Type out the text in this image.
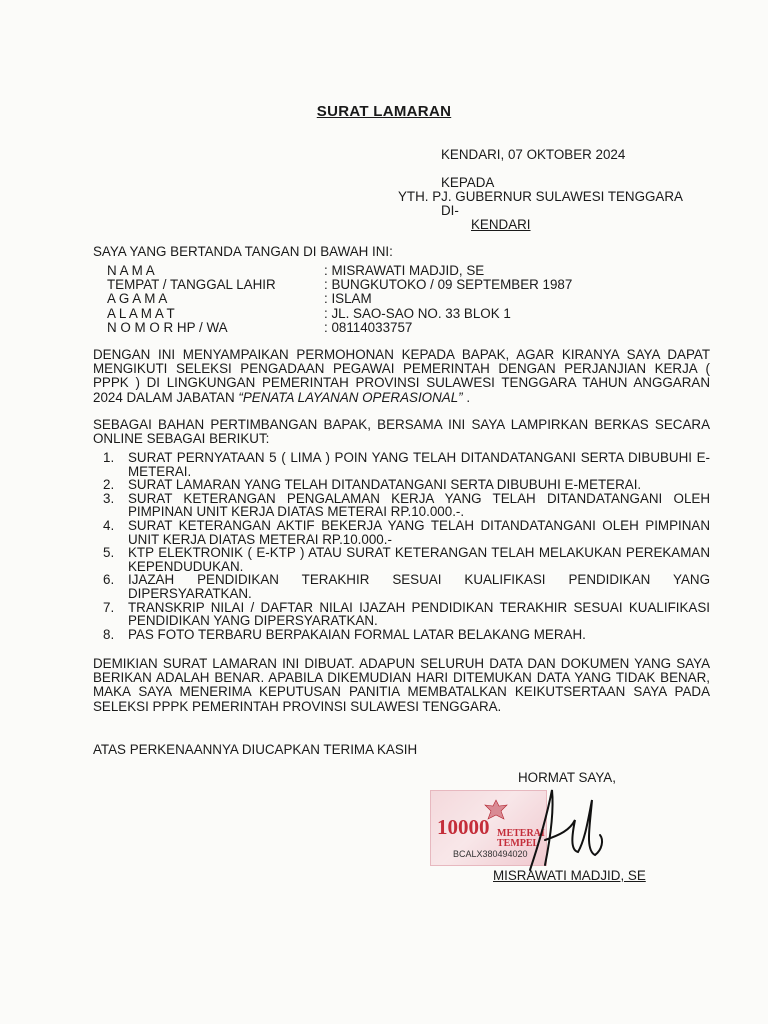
SURAT LAMARAN
KENDARI, 07 OKTOBER 2024
KEPADA
YTH. PJ. GUBERNUR SULAWESI TENGGARA
DI-
KENDARI
SAYA YANG BERTANDA TANGAN DI BAWAH INI:
N A M A	: MISRAWATI MADJID, SE
TEMPAT / TANGGAL LAHIR	: BUNGKUTOKO / 09 SEPTEMBER 1987
A G A M A	: ISLAM
A L A M A T	: JL. SAO-SAO NO. 33 BLOK 1
N O M O R HP / WA	: 08114033757
DENGAN INI MENYAMPAIKAN PERMOHONAN KEPADA BAPAK, AGAR KIRANYA SAYA DAPAT MENGIKUTI SELEKSI PENGADAAN PEGAWAI PEMERINTAH DENGAN PERJANJIAN KERJA ( PPPK ) DI LINGKUNGAN PEMERINTAH PROVINSI SULAWESI TENGGARA TAHUN ANGGARAN 2024 DALAM JABATAN “PENATA LAYANAN OPERASIONAL” .
SEBAGAI BAHAN PERTIMBANGAN BAPAK, BERSAMA INI SAYA LAMPIRKAN BERKAS SECARA ONLINE SEBAGAI BERIKUT:
1.	SURAT PERNYATAAN 5 ( LIMA ) POIN YANG TELAH DITANDATANGANI SERTA DIBUBUHI E-METERAI.
2.	SURAT LAMARAN YANG TELAH DITANDATANGANI SERTA DIBUBUHI E-METERAI.
3.	SURAT KETERANGAN PENGALAMAN KERJA YANG TELAH DITANDATANGANI OLEH PIMPINAN UNIT KERJA DIATAS METERAI RP.10.000.-.
4.	SURAT KETERANGAN AKTIF BEKERJA YANG TELAH DITANDATANGANI OLEH PIMPINAN UNIT KERJA DIATAS METERAI RP.10.000.-
5.	KTP ELEKTRONIK ( E-KTP ) ATAU SURAT KETERANGAN TELAH MELAKUKAN PEREKAMAN KEPENDUDUKAN.
6.	IJAZAH PENDIDIKAN TERAKHIR SESUAI KUALIFIKASI PENDIDIKAN YANG DIPERSYARATKAN.
7.	TRANSKRIP NILAI / DAFTAR NILAI IJAZAH PENDIDIKAN TERAKHIR SESUAI KUALIFIKASI PENDIDIKAN YANG DIPERSYARATKAN.
8.	PAS FOTO TERBARU BERPAKAIAN FORMAL LATAR BELAKANG MERAH.
DEMIKIAN SURAT LAMARAN INI DIBUAT. ADAPUN SELURUH DATA DAN DOKUMEN YANG SAYA BERIKAN ADALAH BENAR. APABILA DIKEMUDIAN HARI DITEMUKAN DATA YANG TIDAK BENAR, MAKA SAYA MENERIMA KEPUTUSAN PANITIA MEMBATALKAN KEIKUTSERTAAN SAYA PADA SELEKSI PPPK PEMERINTAH PROVINSI SULAWESI TENGGARA.
ATAS PERKENAANNYA DIUCAPKAN TERIMA KASIH
HORMAT SAYA,
10000 METERAI
TEMPEL
BCALX380494020
MISRAWATI MADJID, SE
